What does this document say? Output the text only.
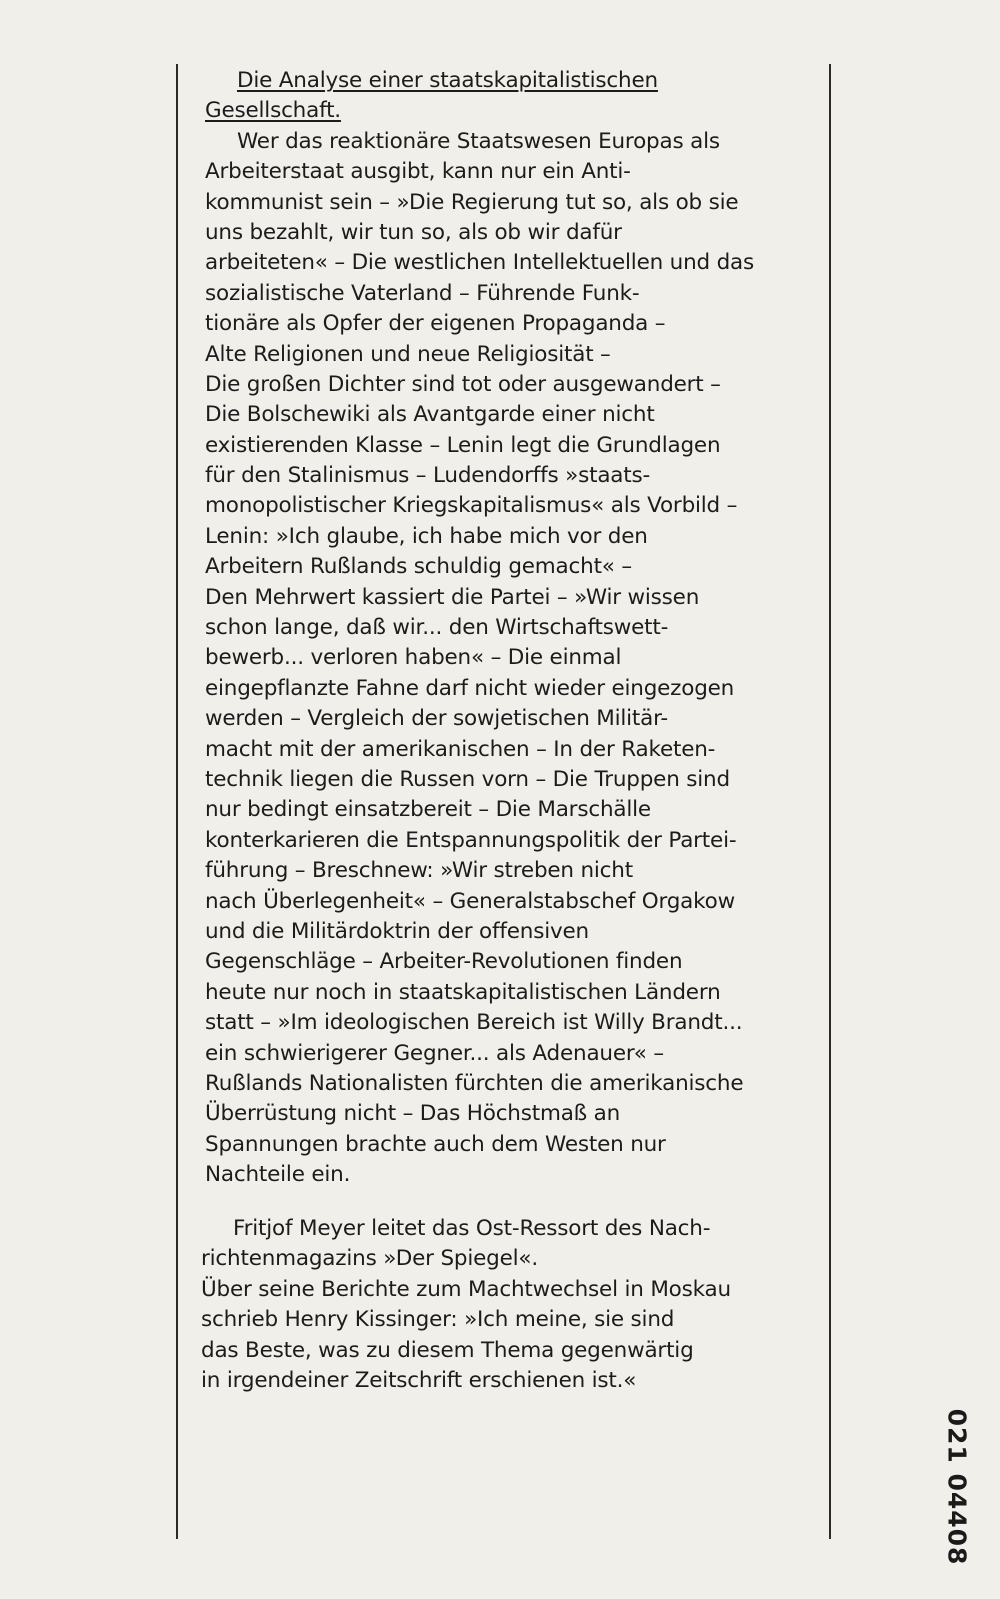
Die Analyse einer staatskapitalistischen
Gesellschaft.
Wer das reaktionäre Staatswesen Europas als
Arbeiterstaat ausgibt, kann nur ein Anti-
kommunist sein – »Die Regierung tut so, als ob sie
uns bezahlt, wir tun so, als ob wir dafür
arbeiteten« – Die westlichen Intellektuellen und das
sozialistische Vaterland – Führende Funk-
tionäre als Opfer der eigenen Propaganda –
Alte Religionen und neue Religiosität –
Die großen Dichter sind tot oder ausgewandert –
Die Bolschewiki als Avantgarde einer nicht
existierenden Klasse – Lenin legt die Grundlagen
für den Stalinismus – Ludendorffs »staats-
monopolistischer Kriegskapitalismus« als Vorbild –
Lenin: »Ich glaube, ich habe mich vor den
Arbeitern Rußlands schuldig gemacht« –
Den Mehrwert kassiert die Partei – »Wir wissen
schon lange, daß wir... den Wirtschaftswett-
bewerb... verloren haben« – Die einmal
eingepflanzte Fahne darf nicht wieder eingezogen
werden – Vergleich der sowjetischen Militär-
macht mit der amerikanischen – In der Raketen-
technik liegen die Russen vorn – Die Truppen sind
nur bedingt einsatzbereit – Die Marschälle
konterkarieren die Entspannungspolitik der Partei-
führung – Breschnew: »Wir streben nicht
nach Überlegenheit« – Generalstabschef Orgakow
und die Militärdoktrin der offensiven
Gegenschläge – Arbeiter-Revolutionen finden
heute nur noch in staatskapitalistischen Ländern
statt – »Im ideologischen Bereich ist Willy Brandt...
ein schwierigerer Gegner... als Adenauer« –
Rußlands Nationalisten fürchten die amerikanische
Überrüstung nicht – Das Höchstmaß an
Spannungen brachte auch dem Westen nur
Nachteile ein.
Fritjof Meyer leitet das Ost-Ressort des Nach-
richtenmagazins »Der Spiegel«.
Über seine Berichte zum Machtwechsel in Moskau
schrieb Henry Kissinger: »Ich meine, sie sind
das Beste, was zu diesem Thema gegenwärtig
in irgendeiner Zeitschrift erschienen ist.«
021 04408
